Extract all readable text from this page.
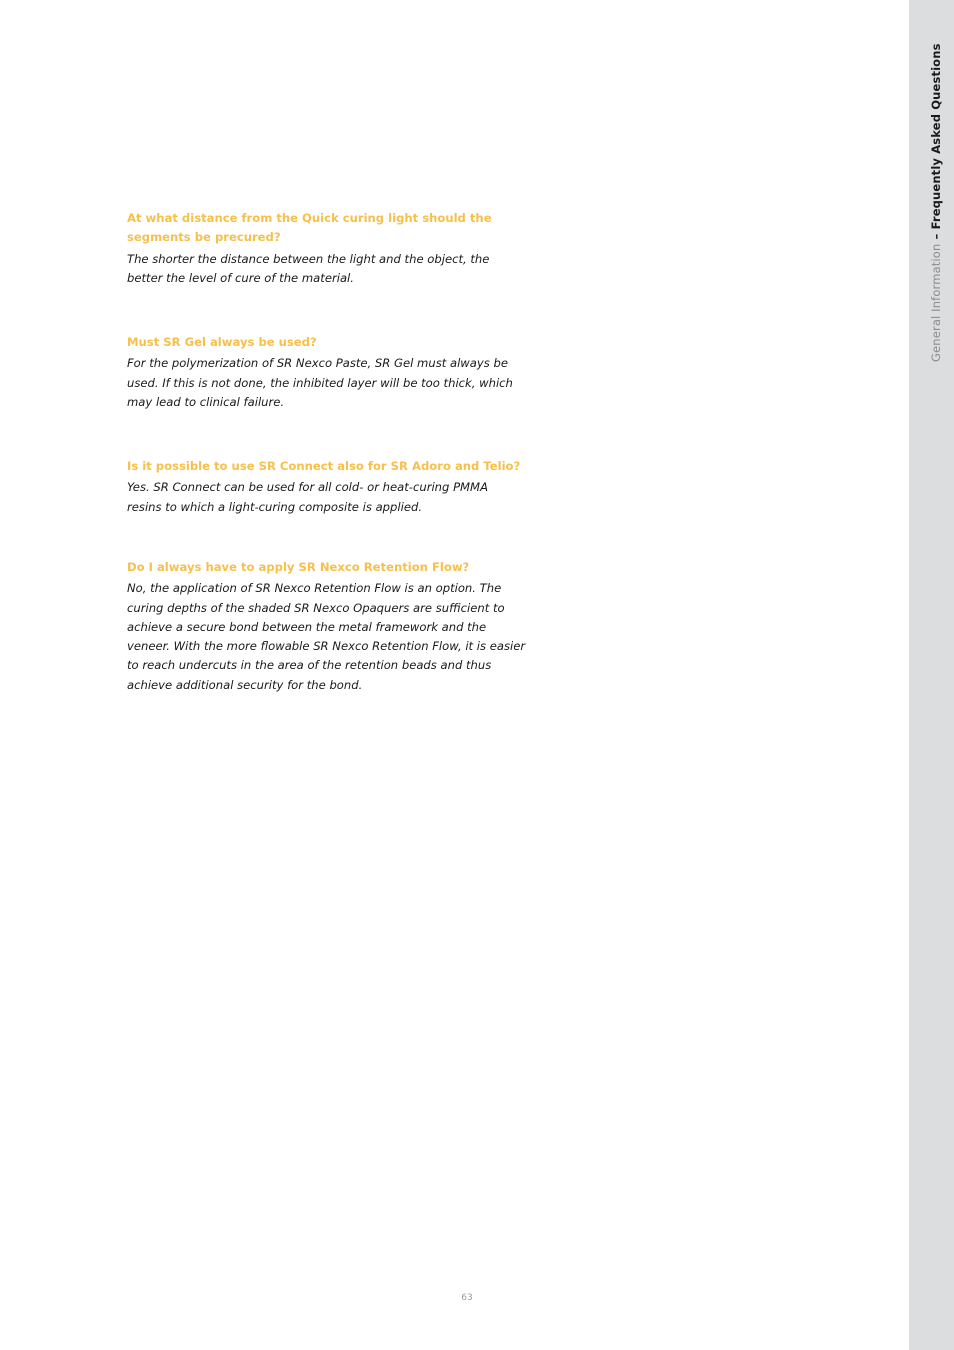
General Information – Frequently Asked Questions

At what distance from the Quick curing light should the
segments be precured?

The shorter the distance between the light and the object, the
better the level of cure of the material.

Must SR Gel always be used?

For the polymerization of SR Nexco Paste, SR Gel must always be
used. If this is not done, the inhibited layer will be too thick, which
may lead to clinical failure.

Is it possible to use SR Connect also for SR Adoro and Telio?

Yes. SR Connect can be used for all cold- or heat-curing PMMA
resins to which a light-curing composite is applied.

Do I always have to apply SR Nexco Retention Flow?

No, the application of SR Nexco Retention Flow is an option. The
curing depths of the shaded SR Nexco Opaquers are sufficient to
achieve a secure bond between the metal framework and the
veneer. With the more flowable SR Nexco Retention Flow, it is easier
to reach undercuts in the area of the retention beads and thus
achieve additional security for the bond.

63
